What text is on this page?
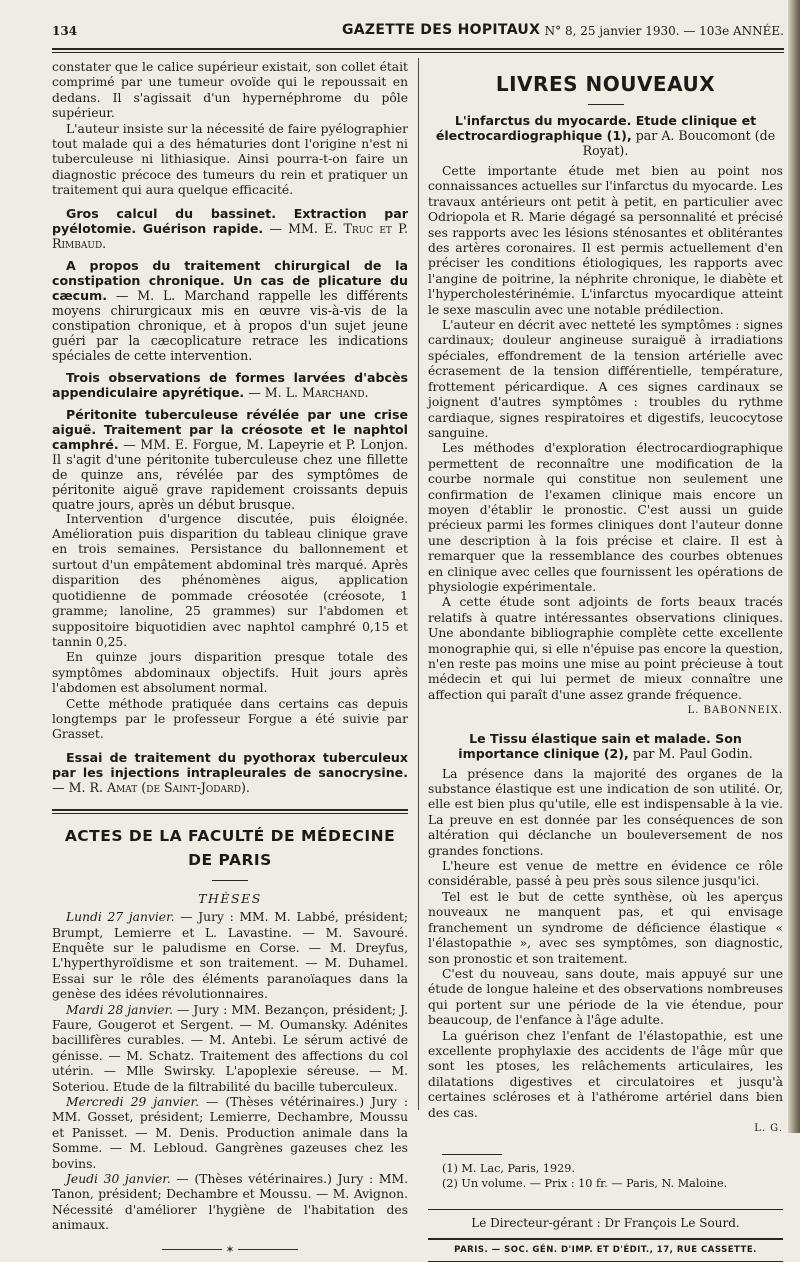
134	GAZETTE DES HOPITAUX N° 8, 25 janvier 1930. — 103e ANNÉE.

constater que le calice supérieur existait, son collet était comprimé par une tumeur ovoïde qui le repoussait en dedans. Il s'agissait d'un hypernéphrome du pôle supérieur.

L'auteur insiste sur la nécessité de faire pyélographier tout malade qui a des hématuries dont l'origine n'est ni tuberculeuse ni lithiasique. Ainsi pourra-t-on faire un diagnostic précoce des tumeurs du rein et pratiquer un traitement qui aura quelque efficacité.

Gros calcul du bassinet. Extraction par pyélotomie. Guérison rapide. — MM. E. Truc et P. Rimbaud.
A propos du traitement chirurgical de la constipation chronique. Un cas de plicature du cæcum. — M. L. Marchand rappelle les différents moyens chirurgicaux mis en œuvre vis-à-vis de la constipation chronique, et à propos d'un sujet jeune guéri par la cæcoplicature retrace les indications spéciales de cette intervention.
Trois observations de formes larvées d'abcès appendiculaire apyrétique. — M. L. Marchand.
Péritonite tuberculeuse révélée par une crise aiguë. Traitement par la créosote et le naphtol camphré. — MM. E. Forgue, M. Lapeyrie et P. Lonjon. Il s'agit d'une péritonite tuberculeuse chez une fillette de quinze ans, révélée par des symptômes de péritonite aiguë grave rapidement croissants depuis quatre jours, après un début brusque.

Intervention d'urgence discutée, puis éloignée. Amélioration puis disparition du tableau clinique grave en trois semaines. Persistance du ballonnement et surtout d'un empâtement abdominal très marqué. Après disparition des phénomènes aigus, application quotidienne de pommade créosotée (créosote, 1 gramme; lanoline, 25 grammes) sur l'abdomen et suppositoire biquotidien avec naphtol camphré 0,15 et tannin 0,25.

En quinze jours disparition presque totale des symptômes abdominaux objectifs. Huit jours après l'abdomen est absolument normal.

Cette méthode pratiquée dans certains cas depuis longtemps par le professeur Forgue a été suivie par Grasset.

Essai de traitement du pyothorax tuberculeux par les injections intrapleurales de sanocrysine. — M. R. Amat (de Saint-Jodard).
ACTES DE LA FACULTÉ DE MÉDECINE DE PARIS
THÈSES

Lundi 27 janvier. — Jury : MM. M. Labbé, président; Brumpt, Lemierre et L. Lavastine. — M. Savouré. Enquête sur le paludisme en Corse. — M. Dreyfus, L'hyperthyroïdisme et son traitement. — M. Duhamel. Essai sur le rôle des éléments paranoïaques dans la genèse des idées révolutionnaires.

Mardi 28 janvier. — Jury : MM. Bezançon, président; J. Faure, Gougerot et Sergent. — M. Oumansky. Adénites bacillifères curables. — M. Antebi. Le sérum activé de génisse. — M. Schatz. Traitement des affections du col utérin. — Mlle Swirsky. L'apoplexie séreuse. — M. Soteriou. Etude de la filtrabilité du bacille tuberculeux.

Mercredi 29 janvier. — (Thèses vétérinaires.) Jury : MM. Gosset, président; Lemierre, Dechambre, Moussu et Panisset. — M. Denis. Production animale dans la Somme. — M. Lebloud. Gangrènes gazeuses chez les bovins.

Jeudi 30 janvier. — (Thèses vétérinaires.) Jury : MM. Tanon, président; Dechambre et Moussu. — M. Avignon. Nécessité d'améliorer l'hygiène de l'habitation des animaux.

✶
LIVRES NOUVEAUX
L'infarctus du myocarde. Etude clinique et électrocardiographique (1), par A. Boucomont (de Royat).

Cette importante étude met bien au point nos connaissances actuelles sur l'infarctus du myocarde. Les travaux antérieurs ont petit à petit, en particulier avec Odriopola et R. Marie dégagé sa personnalité et précisé ses rapports avec les lésions sténosantes et oblitérantes des artères coronaires. Il est permis actuellement d'en préciser les conditions étiologiques, les rapports avec l'angine de poitrine, la néphrite chronique, le diabète et l'hypercholestérinémie. L'infarctus myocardique atteint le sexe masculin avec une notable prédilection.

L'auteur en décrit avec netteté les symptômes : signes cardinaux; douleur angineuse suraiguë à irradiations spéciales, effondrement de la tension artérielle avec écrasement de la tension différentielle, température, frottement péricardique. A ces signes cardinaux se joignent d'autres symptômes : troubles du rythme cardiaque, signes respiratoires et digestifs, leucocytose sanguine.

Les méthodes d'exploration électrocardiographique permettent de reconnaître une modification de la courbe normale qui constitue non seulement une confirmation de l'examen clinique mais encore un moyen d'établir le pronostic. C'est aussi un guide précieux parmi les formes cliniques dont l'auteur donne une description à la fois précise et claire. Il est à remarquer que la ressemblance des courbes obtenues en clinique avec celles que fournissent les opérations de physiologie expérimentale.

A cette étude sont adjoints de forts beaux tracés relatifs à quatre intéressantes observations cliniques. Une abondante bibliographie complète cette excellente monographie qui, si elle n'épuise pas encore la question, n'en reste pas moins une mise au point précieuse à tout médecin et qui lui permet de mieux connaître une affection qui paraît d'une assez grande fréquence.

L. BABONNEIX.
Le Tissu élastique sain et malade. Son importance clinique (2), par M. Paul Godin.

La présence dans la majorité des organes de la substance élastique est une indication de son utilité. Or, elle est bien plus qu'utile, elle est indispensable à la vie. La preuve en est donnée par les conséquences de son altération qui déclanche un bouleversement de nos grandes fonctions.

L'heure est venue de mettre en évidence ce rôle considérable, passé à peu près sous silence jusqu'ici.

Tel est le but de cette synthèse, où les aperçus nouveaux ne manquent pas, et qui envisage franchement un syndrome de déficience élastique « l'élastopathie », avec ses symptômes, son diagnostic, son pronostic et son traitement.

C'est du nouveau, sans doute, mais appuyé sur une étude de longue haleine et des observations nombreuses qui portent sur une période de la vie étendue, pour beaucoup, de l'enfance à l'âge adulte.

La guérison chez l'enfant de l'élastopathie, est une excellente prophylaxie des accidents de l'âge mûr que sont les ptoses, les relâchements articulaires, les dilatations digestives et circulatoires et jusqu'à certaines scléroses et à l'athérome artériel dans bien des cas.

L. G.

(1) M. Lac, Paris, 1929.

(2) Un volume. — Prix : 10 fr. — Paris, N. Maloine.

Le Directeur-gérant : Dr François Le Sourd.
PARIS. — SOC. GÉN. D'IMP. ET D'ÉDIT., 17, RUE CASSETTE.
